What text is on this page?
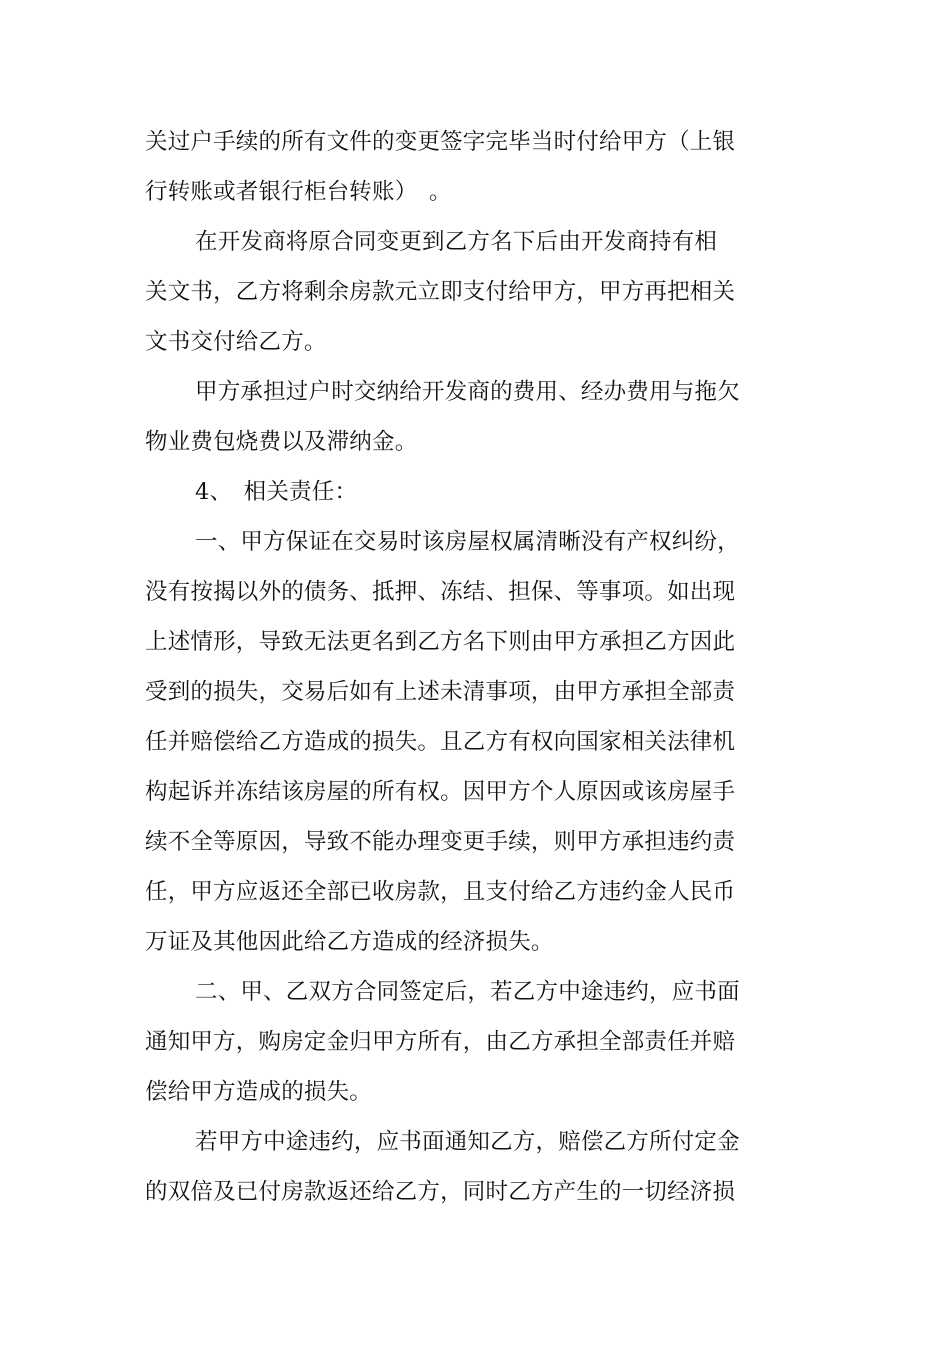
关过户手续的所有文件的变更签字完毕当时付给甲方（上银
行转账或者银行柜台转账）　。
在开发商将原合同变更到乙方名下后由开发商持有相
关文书，乙方将剩余房款元立即支付给甲方，甲方再把相关
文书交付给乙方。
甲方承担过户时交纳给开发商的费用、经办费用与拖欠
物业费包烧费以及滞纳金。
4、　相关责任：
一、甲方保证在交易时该房屋权属清晰没有产权纠纷，
没有按揭以外的债务、抵押、冻结、担保、等事项。如出现
上述情形，导致无法更名到乙方名下则由甲方承担乙方因此
受到的损失，交易后如有上述未清事项，由甲方承担全部责
任并赔偿给乙方造成的损失。且乙方有权向国家相关法律机
构起诉并冻结该房屋的所有权。因甲方个人原因或该房屋手
续不全等原因，导致不能办理变更手续，则甲方承担违约责
任，甲方应返还全部已收房款，且支付给乙方违约金人民币
万证及其他因此给乙方造成的经济损失。
二、甲、乙双方合同签定后，若乙方中途违约，应书面
通知甲方，购房定金归甲方所有，由乙方承担全部责任并赔
偿给甲方造成的损失。
若甲方中途违约，应书面通知乙方，赔偿乙方所付定金
的双倍及已付房款返还给乙方，同时乙方产生的一切经济损
